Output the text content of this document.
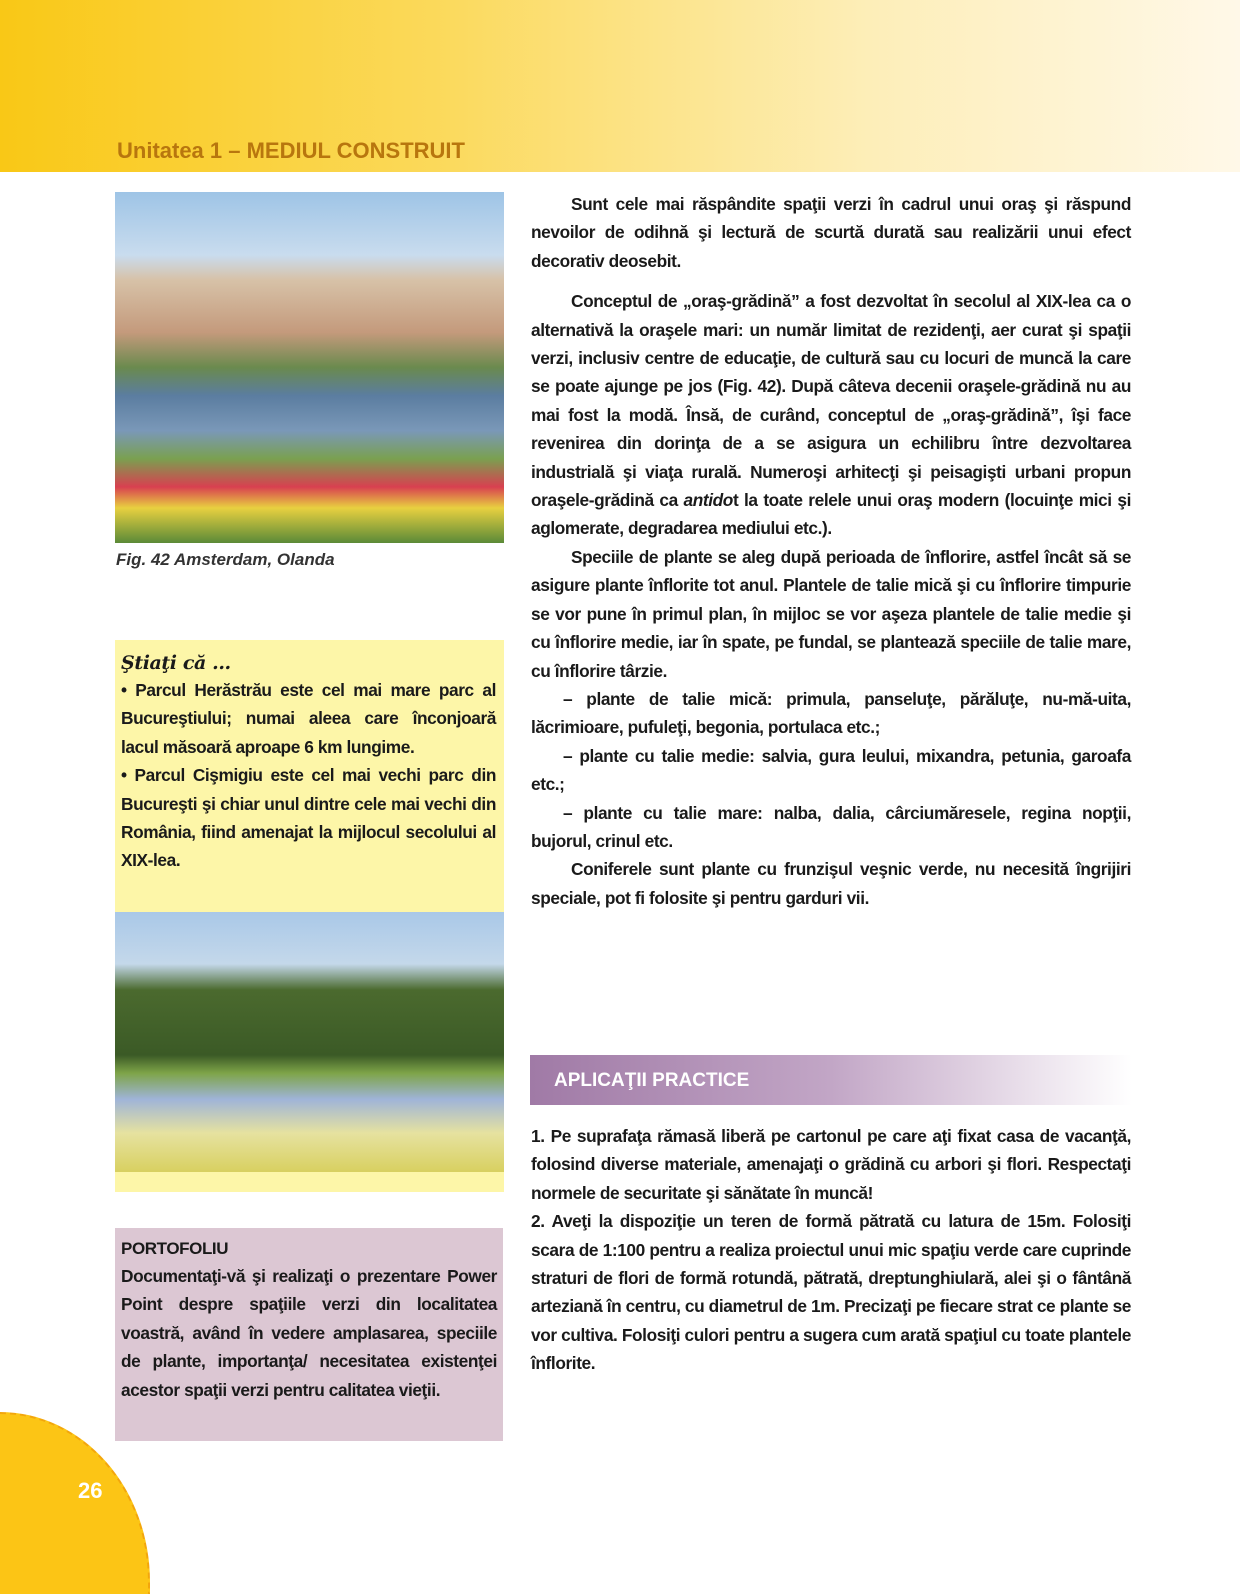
Unitatea 1 – MEDIUL CONSTRUIT
Fig. 42 Amsterdam, Olanda
Ştiaţi că ...
• Parcul Herăstrău este cel mai mare parc al Bucureştiului; numai aleea care înconjoară lacul măsoară aproape 6 km lungime.
• Parcul Cişmigiu este cel mai vechi parc din Bucureşti şi chiar unul dintre cele mai vechi din România, fiind amenajat la mijlocul secolului al XIX-lea.
PORTOFOLIU
Documentaţi-vă şi realizaţi o prezentare Power Point despre spaţiile verzi din localitatea voastră, având în vedere amplasarea, speciile de plante, importanţa/ necesitatea existenţei acestor spaţii verzi pentru calitatea vieţii.

Sunt cele mai răspândite spaţii verzi în cadrul unui oraş şi răspund nevoilor de odihnă şi lectură de scurtă durată sau realizării unui efect decorativ deosebit.

Conceptul de „oraş-grădină” a fost dezvoltat în secolul al XIX-lea ca o alternativă la oraşele mari: un număr limitat de rezidenţi, aer curat şi spaţii verzi, inclusiv centre de educaţie, de cultură sau cu locuri de muncă la care se poate ajunge pe jos (Fig. 42). După câteva decenii oraşele-grădină nu au mai fost la modă. Însă, de curând, conceptul de „oraş-grădină”, îşi face revenirea din dorinţa de a se asigura un echilibru între dezvoltarea industrială şi viaţa rurală. Numeroşi arhitecţi şi peisagişti urbani propun oraşele-grădină ca antidot la toate relele unui oraş modern (locuinţe mici şi aglomerate, degradarea mediului etc.).

Speciile de plante se aleg după perioada de înflorire, astfel încât să se asigure plante înflorite tot anul. Plantele de talie mică şi cu înflorire timpurie se vor pune în primul plan, în mijloc se vor aşeza plantele de talie medie şi cu înflorire medie, iar în spate, pe fundal, se plantează speciile de talie mare, cu înflorire târzie.

– plante de talie mică: primula, panseluţe, părăluţe, nu-mă-uita, lăcrimioare, pufuleţi, begonia, portulaca etc.;

– plante cu talie medie: salvia, gura leului, mixandra, petunia, garoafa etc.;

– plante cu talie mare: nalba, dalia, cârciumăresele, regina nopţii, bujorul, crinul etc.

Coniferele sunt plante cu frunzişul veşnic verde, nu necesită îngrijiri speciale, pot fi folosite şi pentru garduri vii.

APLICAŢII PRACTICE

1. Pe suprafaţa rămasă liberă pe cartonul pe care aţi fixat casa de vacanţă, folosind diverse materiale, amenajaţi o grădină cu arbori şi flori. Respectaţi normele de securitate şi sănătate în muncă!

2. Aveţi la dispoziţie un teren de formă pătrată cu latura de 15m. Folosiţi scara de 1:100 pentru a realiza proiectul unui mic spaţiu verde care cuprinde straturi de flori de formă rotundă, pătrată, dreptunghiulară, alei şi o fântână arteziană în centru, cu diametrul de 1m. Precizaţi pe fiecare strat ce plante se vor cultiva. Folosiţi culori pentru a sugera cum arată spaţiul cu toate plantele înflorite.

26
